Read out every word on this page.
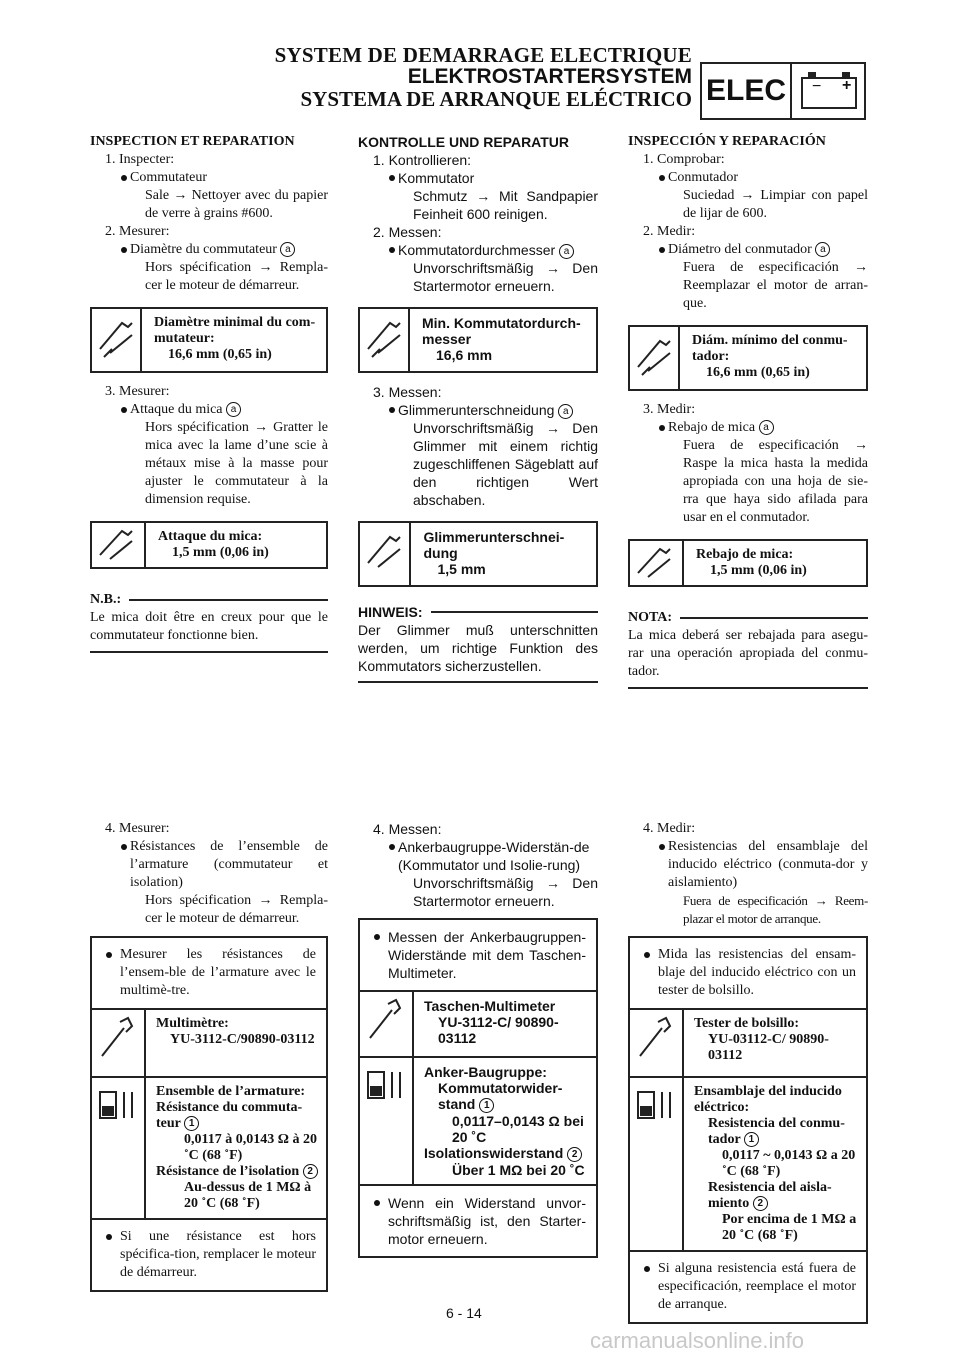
SYSTEM DE DEMARRAGE ELECTRIQUE
ELEKTROSTARTERSYSTEM
SYSTEMA DE ARRANQUE ELÉCTRICO ELEC	− +
INSPECTION ET REPARATION
1. Inspecter:
Commutateur
Sale → Nettoyer avec du papier de verre à grains #600.
2. Mesurer:
Diamètre du commutateur a
Hors spécification → Rempla-cer le moteur de démarreur.
Diamètre minimal du com-mutateur:
16,6 mm (0,65 in)
3. Mesurer:
Attaque du mica a
Hors spécification → Gratter le mica avec la lame d’une scie à métaux mise à la masse pour ajuster le commutateur à la dimension requise.
Attaque du mica:
1,5 mm (0,06 in)
N.B.:
Le mica doit être en creux pour que le commutateur fonctionne bien.
KONTROLLE UND REPARATUR
1. Kontrollieren:
Kommutator
Schmutz → Mit Sandpapier Feinheit 600 reinigen.
2. Messen:
Kommutatordurchmesser a
Unvorschriftsmäßig → Den Startermotor erneuern.
Min. Kommutatordurch-messer
16,6 mm
3. Messen:
Glimmerunterschneidung a
Unvorschriftsmäßig → Den Glimmer mit einem richtig zugeschliffenen Sägeblatt auf den richtigen Wert abschaben.
Glimmerunterschnei-dung
1,5 mm
HINWEIS:
Der Glimmer muß unterschnitten werden, um richtige Funktion des Kommutators sicherzustellen.
INSPECCIÓN Y REPARACIÓN
1. Comprobar:
Conmutador
Suciedad → Limpiar con papel de lijar de 600.
2. Medir:
Diámetro del conmutador a
Fuera de especificación → Reemplazar el motor de arran-que.
Diám. mínimo del conmu-tador:
16,6 mm (0,65 in)
3. Medir:
Rebajo de mica a
Fuera de especificación → Raspe la mica hasta la medida apropiada con una hoja de sie-rra que haya sido afilada para usar en el conmutador.
Rebajo de mica:
1,5 mm (0,06 in)
NOTA:
La mica deberá ser rebajada para asegu-rar una operación apropiada del conmu-tador.
4. Mesurer:
Résistances de l’ensemble de l’armature (commutateur et isolation)
Hors spécification → Rempla-cer le moteur de démarreur.
Mesurer les résistances de l’ensem-ble de l’armature avec le multimè-tre.
Multimètre:
YU-3112-C/90890-03112
Ensemble de l’armature:
Résistance du commuta-teur 1
0,0117 à 0,0143 Ω à 20 ˚C (68 ˚F)
Résistance de l’isolation 2
Au-dessus de 1 MΩ à 20 ˚C (68 ˚F)
Si une résistance est hors spécifica-tion, remplacer le moteur de démarreur.
4. Messen:
Ankerbaugruppe-Widerstän-de (Kommutator und Isolie-rung)
Unvorschriftsmäßig → Den Startermotor erneuern.
Messen der Ankerbaugruppen-Widerstände mit dem Taschen-Multimeter.
Taschen-Multimeter
YU-3112-C/ 90890-03112
Anker-Baugruppe:
Kommutatorwider-stand 1
0,0117–0,0143 Ω bei 20 ˚C
Isolationswiderstand 2
Über 1 MΩ bei 20 ˚C
Wenn ein Widerstand unvor-schriftsmäßig ist, den Starter-motor erneuern.
4. Medir:
Resistencias del ensamblaje del inducido eléctrico (conmuta-dor y aislamiento)
Fuera de especificación → Reem-plazar el motor de arranque.
Mida las resistencias del ensam-blaje del inducido eléctrico con un tester de bolsillo.
Tester de bolsillo:
YU-03112-C/ 90890-03112
Ensamblaje del inducido eléctrico:
Resistencia del conmu-tador 1
0,0117 ~ 0,0143 Ω a 20 ˚C (68 ˚F)
Resistencia del aisla-miento 2
Por encima de 1 MΩ a 20 ˚C (68 ˚F)
Si alguna resistencia está fuera de especificación, reemplace el motor de arranque.
6 - 14
carmanualsonline.info
